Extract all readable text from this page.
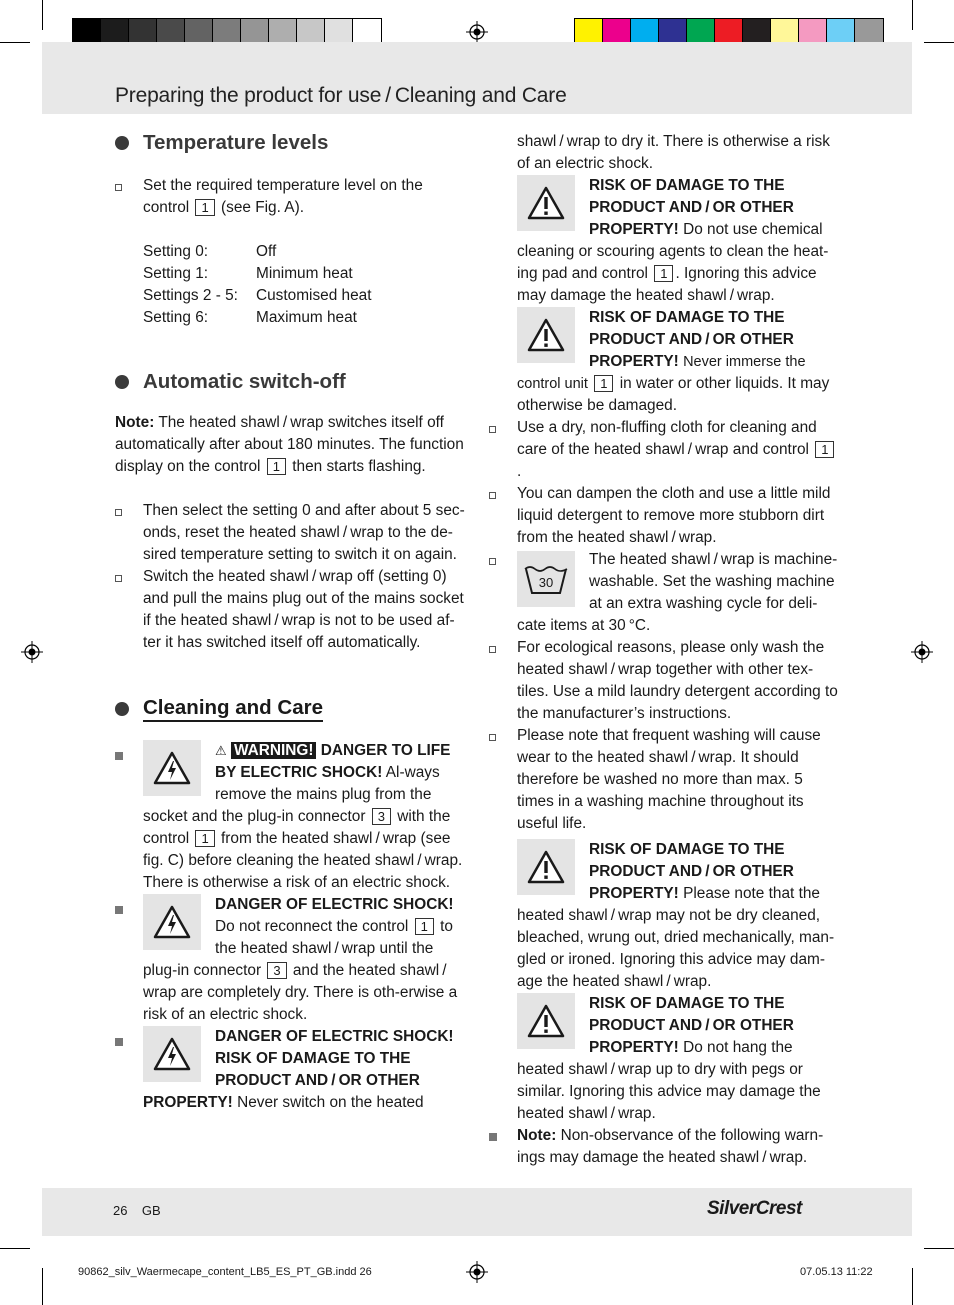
Preparing the product for use / Cleaning and Care
Temperature levels
Set the required temperature level on the control 1 (see Fig. A).
Setting 0:	Off
Setting 1:	Minimum heat
Settings 2 - 5:	Customised heat
Setting 6:	Maximum heat
Automatic switch-off

Note: The heated shawl / wrap switches itself off automatically after about 180 minutes. The function display on the control 1 then starts flashing.

Then select the setting 0 and after about 5 sec-onds, reset the heated shawl / wrap to the de-sired temperature setting to switch it on again.
Switch the heated shawl / wrap off (setting 0) and pull the mains plug out of the mains socket if the heated shawl / wrap is not to be used af-ter it has switched itself off automatically.
Cleaning and Care
⚠ WARNING! DANGER TO LIFE BY ELECTRIC SHOCK! Al-ways remove the mains plug from the socket and the plug-in connector 3 with the control 1 from the heated shawl / wrap (see fig. C) before cleaning the heated shawl / wrap. There is otherwise a risk of an electric shock.
DANGER OF ELECTRIC SHOCK! Do not reconnect the control 1 to the heated shawl / wrap until the plug-in connector 3 and the heated shawl / wrap are completely dry. There is oth-erwise a risk of an electric shock.
DANGER OF ELECTRIC SHOCK! RISK OF DAMAGE TO THE PRODUCT AND / OR OTHER PROPERTY! Never switch on the heated

shawl / wrap to dry it. There is otherwise a risk of an electric shock.

RISK OF DAMAGE TO THE PRODUCT AND / OR OTHER PROPERTY! Do not use chemical cleaning or scouring agents to clean the heat-ing pad and control 1 . Ignoring this advice may damage the heated shawl / wrap.
RISK OF DAMAGE TO THE PRODUCT AND / OR OTHER PROPERTY! Never immerse the control unit 1 in water or other liquids. It may otherwise be damaged.
Use a dry, non-fluffing cloth for cleaning and care of the heated shawl / wrap and control 1.
You can dampen the cloth and use a little mild liquid detergent to remove more stubborn dirt from the heated shawl / wrap.
30
The heated shawl / wrap is machine-washable. Set the washing machine at an extra washing cycle for deli-cate items at 30 °C.
For ecological reasons, please only wash the heated shawl / wrap together with other tex-tiles. Use a mild laundry detergent according to the manufacturer’s instructions.
Please note that frequent washing will cause wear to the heated shawl / wrap. It should therefore be washed no more than max. 5 times in a washing machine throughout its useful life.
RISK OF DAMAGE TO THE PRODUCT AND / OR OTHER PROPERTY! Please note that the heated shawl / wrap may not be dry cleaned, bleached, wrung out, dried mechanically, man-gled or ironed. Ignoring this advice may dam-age the heated shawl / wrap.
RISK OF DAMAGE TO THE PRODUCT AND / OR OTHER PROPERTY! Do not hang the heated shawl / wrap up to dry with pegs or similar. Ignoring this advice may damage the heated shawl / wrap.
Note: Non-observance of the following warn-ings may damage the heated shawl / wrap.
26 GB	SilverCrest
90862_silv_Waermecape_content_LB5_ES_PT_GB.indd 26	07.05.13 11:22
